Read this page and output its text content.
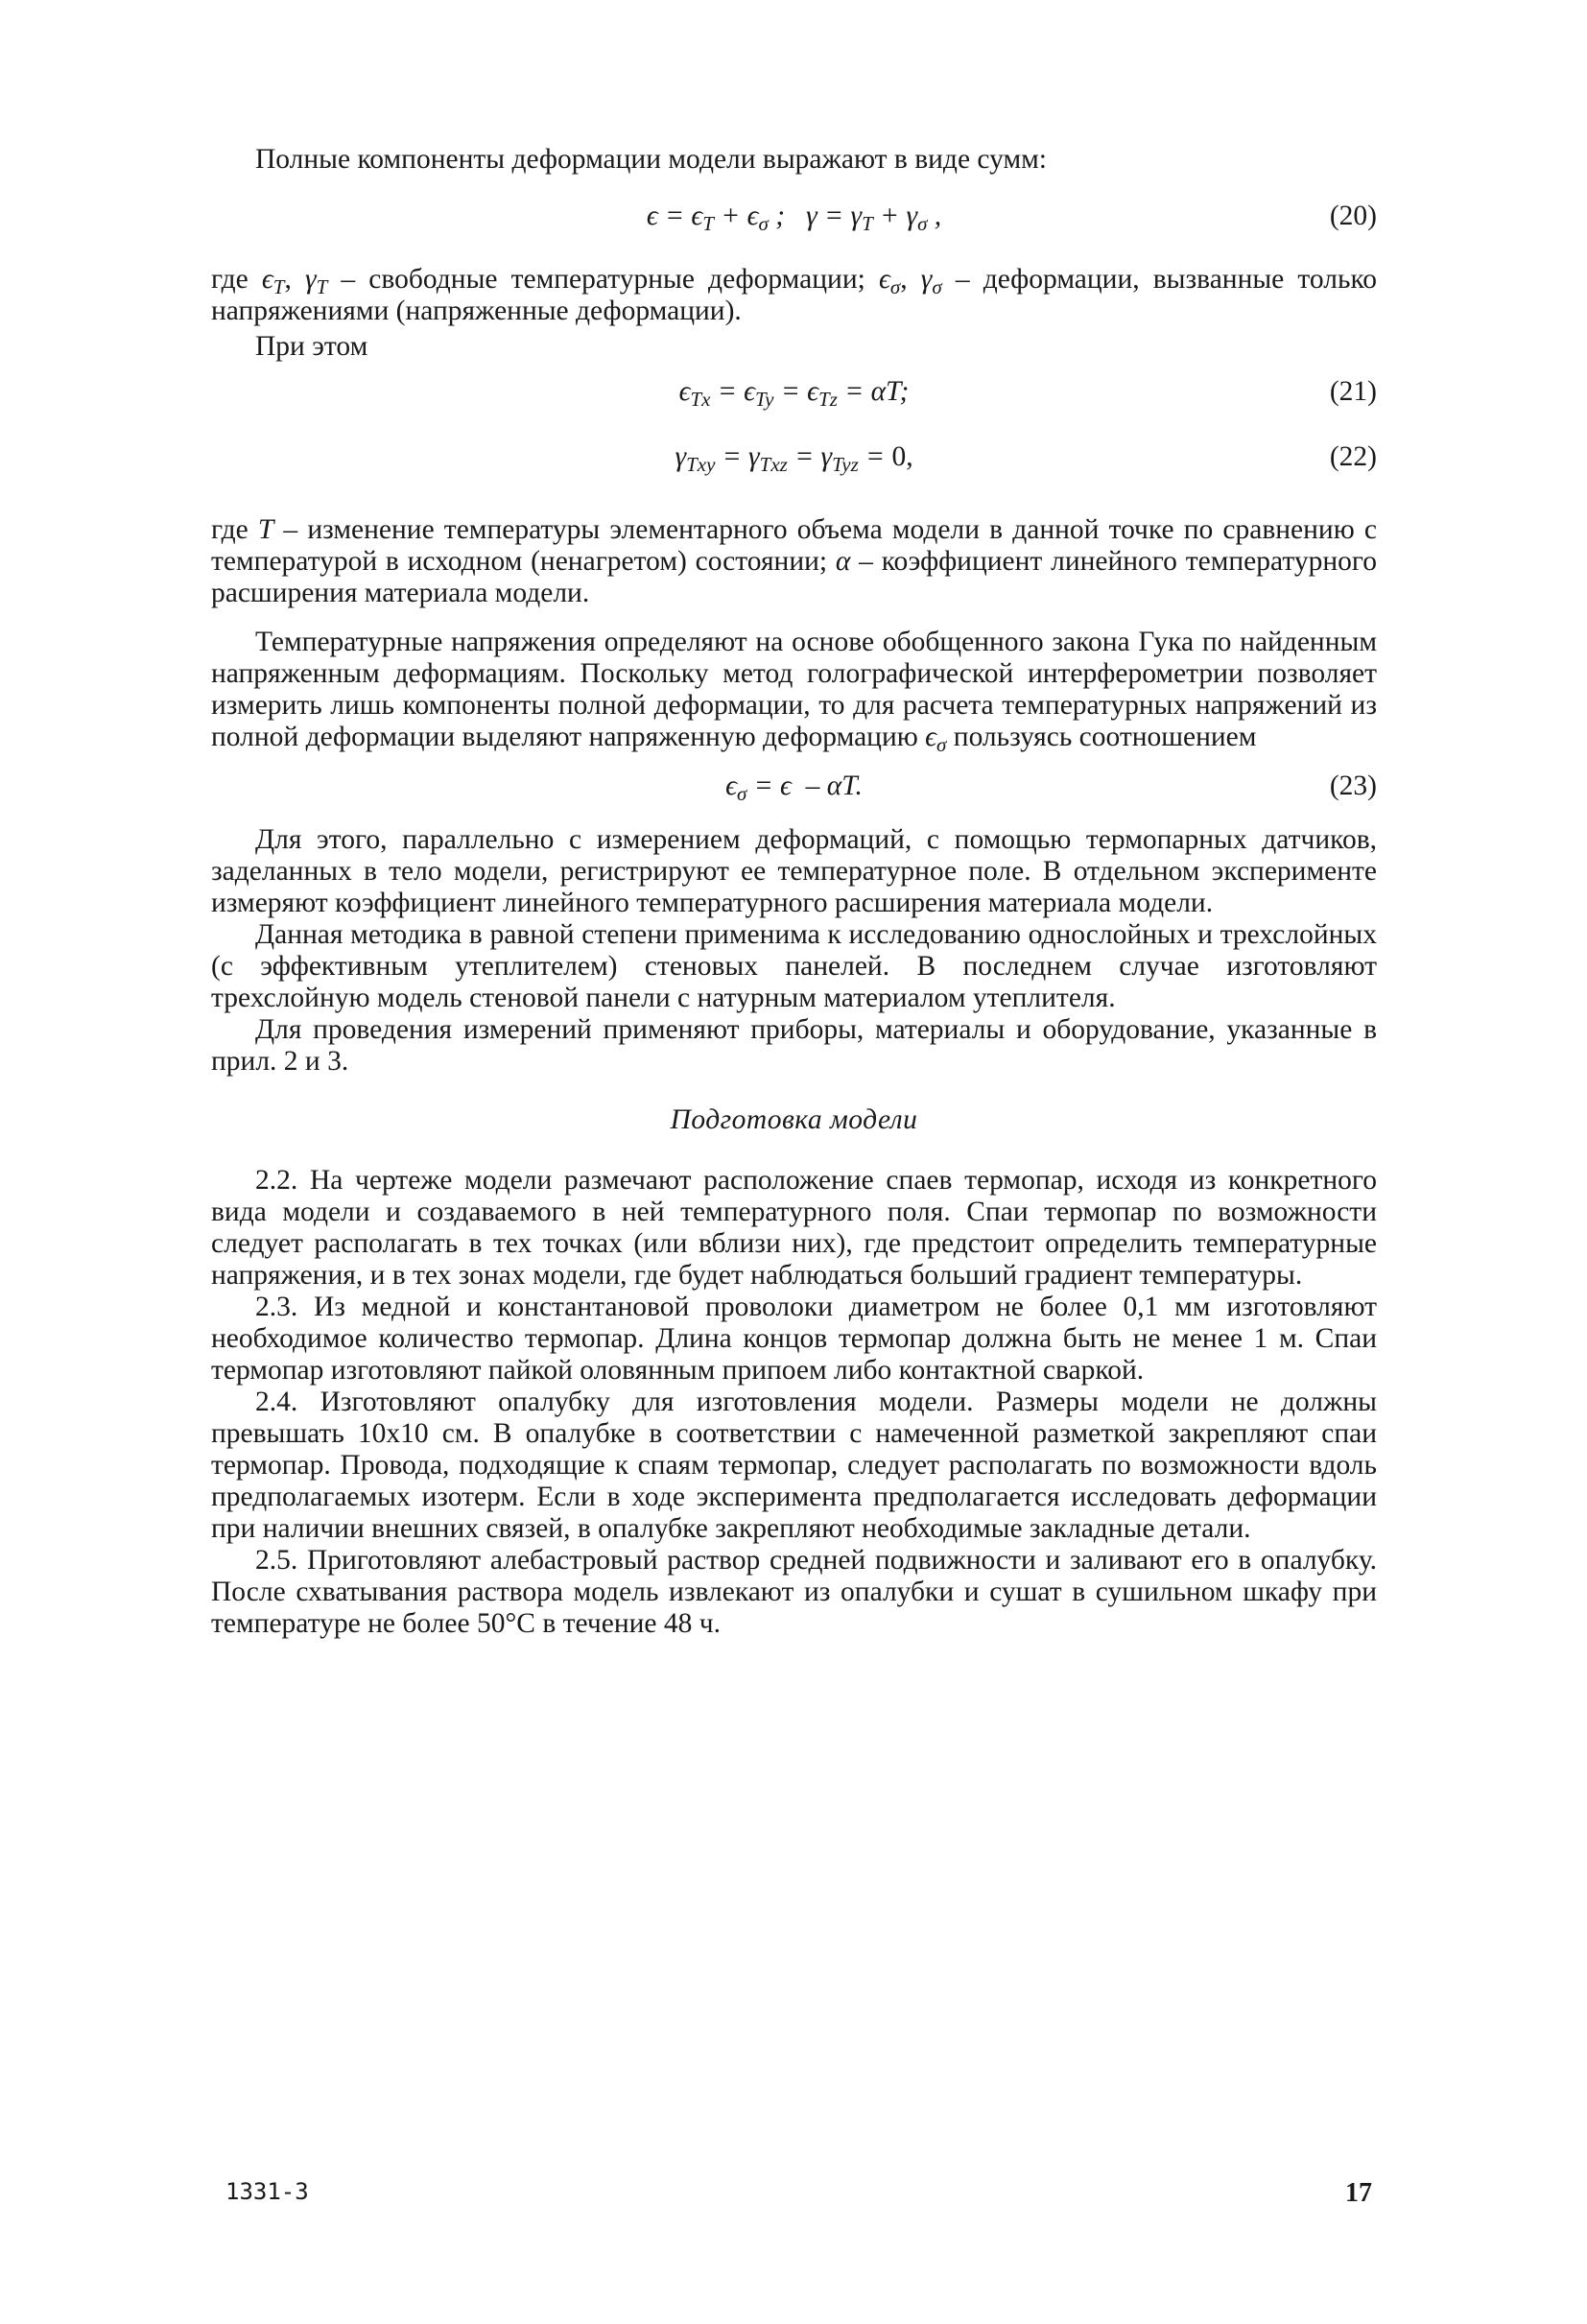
Полные компоненты деформации модели выражают в виде сумм:

$\epsilon = \epsilon_T + \epsilon_\sigma$ ;   $\gamma = \gamma_T + \gamma_\sigma$ ,	(20)

где $\epsilon_T$, $\gamma_T$ – свободные температурные деформации; $\epsilon_\sigma$, $\gamma_\sigma$ – деформации, вызванные только напряжениями (напряженные деформации).

При этом

$\epsilon_{Tx} = \epsilon_{Ty} = \epsilon_{Tz} = \alpha T$;	(21)
$\gamma_{Txy} = \gamma_{Txz} = \gamma_{Tyz} = 0$,	(22)

где T – изменение температуры элементарного объема модели в данной точке по сравнению с температурой в исходном (ненагретом) состоянии; α – коэффициент линейного температурного расширения материала модели.

Температурные напряжения определяют на основе обобщенного закона Гука по найденным напряженным деформациям. Поскольку метод голографической интерферометрии позволяет измерить лишь компоненты полной деформации, то для расчета температурных напряжений из полной деформации выделяют напряженную деформацию $\epsilon_\sigma$ пользуясь соотношением

$\epsilon_\sigma = \epsilon - \alpha T$.	(23)

Для этого, параллельно с измерением деформаций, с помощью термопарных датчиков, заделанных в тело модели, регистрируют ее температурное поле. В отдельном эксперименте измеряют коэффициент линейного температурного расширения материала модели.

Данная методика в равной степени применима к исследованию однослойных и трехслойных (с эффективным утеплителем) стеновых панелей. В последнем случае изготовляют трехслойную модель стеновой панели с натурным материалом утеплителя.

Для проведения измерений применяют приборы, материалы и оборудование, указанные в прил. 2 и 3.

Подготовка модели

2.2. На чертеже модели размечают расположение спаев термопар, исходя из конкретного вида модели и создаваемого в ней температурного поля. Спаи термопар по возможности следует располагать в тех точках (или вблизи них), где предстоит определить температурные напряжения, и в тех зонах модели, где будет наблюдаться больший градиент температуры.

2.3. Из медной и константановой проволоки диаметром не более 0,1 мм изготовляют необходимое количество термопар. Длина концов термопар должна быть не менее 1 м. Спаи термопар изготовляют пайкой оловянным припоем либо контактной сваркой.

2.4. Изготовляют опалубку для изготовления модели. Размеры модели не должны превышать 10х10 см. В опалубке в соответствии с намеченной разметкой закрепляют спаи термопар. Провода, подходящие к спаям термопар, следует располагать по возможности вдоль предполагаемых изотерм. Если в ходе эксперимента предполагается исследовать деформации при наличии внешних связей, в опалубке закрепляют необходимые закладные детали.

2.5. Приготовляют алебастровый раствор средней подвижности и заливают его в опалубку. После схватывания раствора модель извлекают из опалубки и сушат в сушильном шкафу при температуре не более 50°С в течение 48 ч.

1331-3	17
